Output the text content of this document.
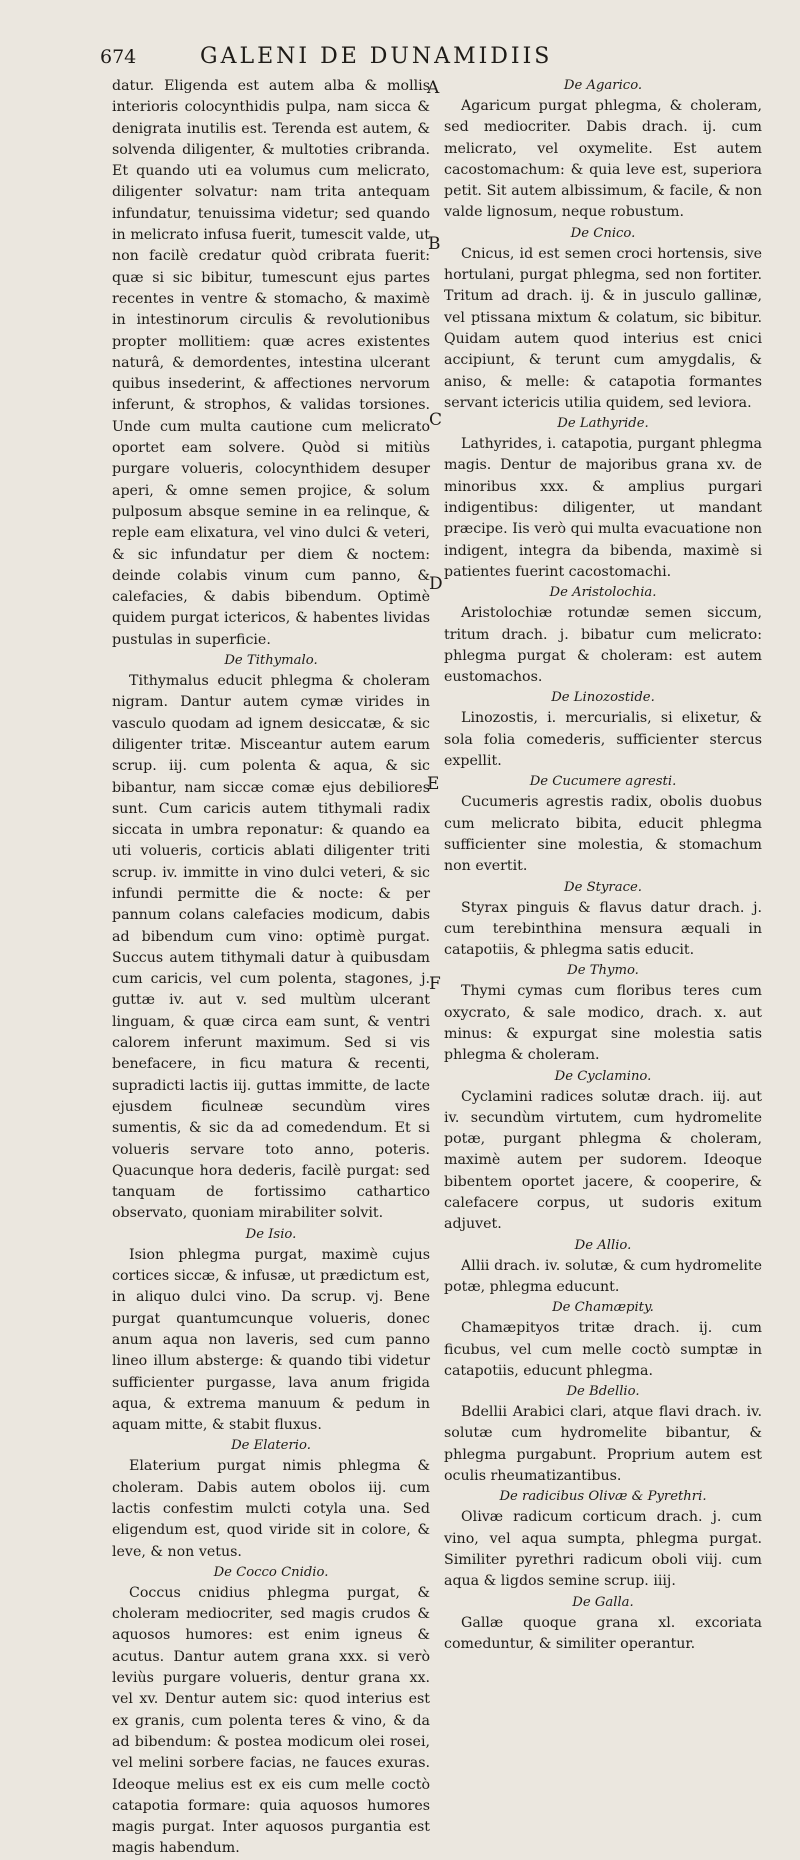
674	GALENI DE DUNAMIDIIS
A
B
C
D
E
F

datur. Eligenda est autem alba & mollis interioris colocynthidis pulpa, nam sicca & denigrata inutilis est. Terenda est autem, & solvenda diligenter, & multoties cribranda. Et quando uti ea volumus cum melicrato, diligenter solvatur: nam trita antequam infundatur, tenuissima videtur; sed quando in melicrato infusa fuerit, tumescit valde, ut non facilè credatur quòd cribrata fuerit: quæ si sic bibitur, tumescunt ejus partes recentes in ventre & stomacho, & maximè in intestinorum circulis & revolutionibus propter mollitiem: quæ acres existentes naturâ, & demordentes, intestina ulcerant quibus insederint, & affectiones nervorum inferunt, & strophos, & validas torsiones. Unde cum multa cautione cum melicrato oportet eam solvere. Quòd si mitiùs purgare volueris, colocynthidem desuper aperi, & omne semen projice, & solum pulposum absque semine in ea relinque, & reple eam elixatura, vel vino dulci & veteri, & sic infundatur per diem & noctem: deinde colabis vinum cum panno, & calefacies, & dabis bibendum. Optimè quidem purgat ictericos, & habentes lividas pustulas in superficie.

De Tithymalo.

Tithymalus educit phlegma & choleram nigram. Dantur autem cymæ virides in vasculo quodam ad ignem desiccatæ, & sic diligenter tritæ. Misceantur autem earum scrup. iij. cum polenta & aqua, & sic bibantur, nam siccæ comæ ejus debiliores sunt. Cum caricis autem tithymali radix siccata in umbra reponatur: & quando ea uti volueris, corticis ablati diligenter triti scrup. iv. immitte in vino dulci veteri, & sic infundi permitte die & nocte: & per pannum colans calefacies modicum, dabis ad bibendum cum vino: optimè purgat. Succus autem tithymali datur à quibusdam cum caricis, vel cum polenta, stagones, j. guttæ iv. aut v. sed multùm ulcerant linguam, & quæ circa eam sunt, & ventri calorem inferunt maximum. Sed si vis benefacere, in ficu matura & recenti, supradicti lactis iij. guttas immitte, de lacte ejusdem ficulneæ secundùm vires sumentis, & sic da ad comedendum. Et si volueris servare toto anno, poteris. Quacunque hora dederis, facilè purgat: sed tanquam de fortissimo cathartico observato, quoniam mirabiliter solvit.

De Isio.

Ision phlegma purgat, maximè cujus cortices siccæ, & infusæ, ut prædictum est, in aliquo dulci vino. Da scrup. vj. Bene purgat quantumcunque volueris, donec anum aqua non laveris, sed cum panno lineo illum absterge: & quando tibi videtur sufficienter purgasse, lava anum frigida aqua, & extrema manuum & pedum in aquam mitte, & stabit fluxus.

De Elaterio.

Elaterium purgat nimis phlegma & choleram. Dabis autem obolos iij. cum lactis confestim mulcti cotyla una. Sed eligendum est, quod viride sit in colore, & leve, & non vetus.

De Cocco Cnidio.

Coccus cnidius phlegma purgat, & choleram mediocriter, sed magis crudos & aquosos humores: est enim igneus & acutus. Dantur autem grana xxx. si verò leviùs purgare volueris, dentur grana xx. vel xv. Dentur autem sic: quod interius est ex granis, cum polenta teres & vino, & da ad bibendum: & postea modicum olei rosei, vel melini sorbere facias, ne fauces exuras. Ideoque melius est ex eis cum melle coctò catapotia formare: quia aquosos humores magis purgat. Inter aquosos purgantia est magis habendum.

De Agarico.

Agaricum purgat phlegma, & choleram, sed mediocriter. Dabis drach. ij. cum melicrato, vel oxymelite. Est autem cacostomachum: & quia leve est, superiora petit. Sit autem albissimum, & facile, & non valde lignosum, neque robustum.

De Cnico.

Cnicus, id est semen croci hortensis, sive hortulani, purgat phlegma, sed non fortiter. Tritum ad drach. ij. & in jusculo gallinæ, vel ptissana mixtum & colatum, sic bibitur. Quidam autem quod interius est cnici accipiunt, & terunt cum amygdalis, & aniso, & melle: & catapotia formantes servant ictericis utilia quidem, sed leviora.

De Lathyride.

Lathyrides, i. catapotia, purgant phlegma magis. Dentur de majoribus grana xv. de minoribus xxx. & amplius purgari indigentibus: diligenter, ut mandant præcipe. Iis verò qui multa evacuatione non indigent, integra da bibenda, maximè si patientes fuerint cacostomachi.

De Aristolochia.

Aristolochiæ rotundæ semen siccum, tritum drach. j. bibatur cum melicrato: phlegma purgat & choleram: est autem eustomachos.

De Linozostide.

Linozostis, i. mercurialis, si elixetur, & sola folia comederis, sufficienter stercus expellit.

De Cucumere agresti.

Cucumeris agrestis radix, obolis duobus cum melicrato bibita, educit phlegma sufficienter sine molestia, & stomachum non evertit.

De Styrace.

Styrax pinguis & flavus datur drach. j. cum terebinthina mensura æquali in catapotiis, & phlegma satis educit.

De Thymo.

Thymi cymas cum floribus teres cum oxycrato, & sale modico, drach. x. aut minus: & expurgat sine molestia satis phlegma & choleram.

De Cyclamino.

Cyclamini radices solutæ drach. iij. aut iv. secundùm virtutem, cum hydromelite potæ, purgant phlegma & choleram, maximè autem per sudorem. Ideoque bibentem oportet jacere, & cooperire, & calefacere corpus, ut sudoris exitum adjuvet.

De Allio.

Allii drach. iv. solutæ, & cum hydromelite potæ, phlegma educunt.

De Chamæpity.

Chamæpityos tritæ drach. ij. cum ficubus, vel cum melle coctò sumptæ in catapotiis, educunt phlegma.

De Bdellio.

Bdellii Arabici clari, atque flavi drach. iv. solutæ cum hydromelite bibantur, & phlegma purgabunt. Proprium autem est oculis rheumatizantibus.

De radicibus Olivæ & Pyrethri.

Olivæ radicum corticum drach. j. cum vino, vel aqua sumpta, phlegma purgat. Similiter pyrethri radicum oboli viij. cum aqua & ligdos semine scrup. iiij.

De Galla.

Gallæ quoque grana xl. excoriata comeduntur, & similiter operantur.
